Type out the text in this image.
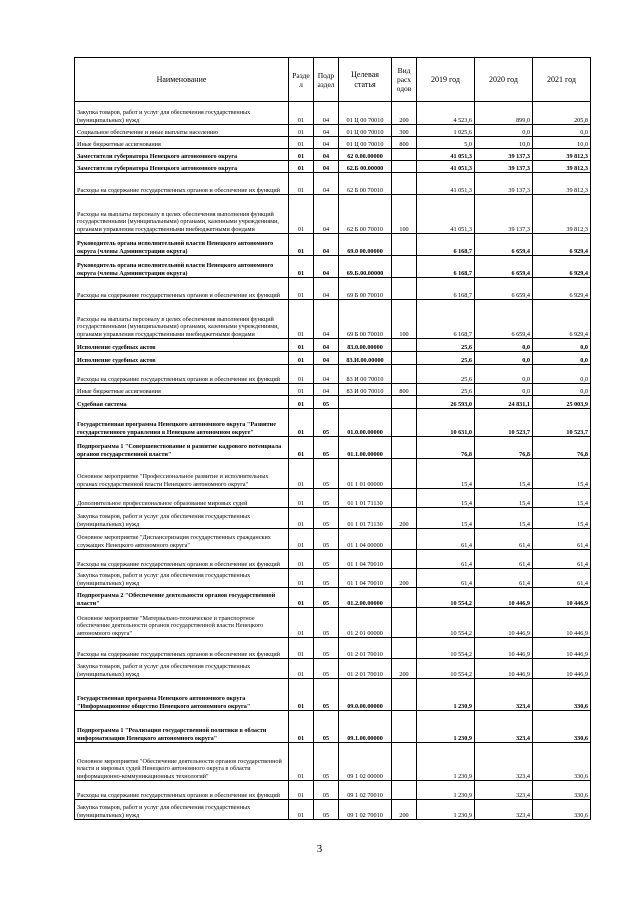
Наименование	Разде л	Подр аздел	Целевая статья	Вид расх одов	2019 год	2020 год	2021 год
Закупка товаров, работ и услуг для обеспечения государственных (муниципальных) нужд	01	04	01 Ц 00 70010	200	4 523,6	899,0	205,8
Социальное обеспечение и иные выплаты населению	01	04	01 Ц 00 70010	300	1 025,6	0,0	0,0
Иные бюджетные ассигнования	01	04	01 Ц 00 70010	800	5,0	10,0	10,0
Заместители губернатора Ненецкого автономного округа	01	04	62 0.00.00000		41 051,3	39 137,3	39 812,3
Заместители губернатора Ненецкого автономного округа	01	04	62.Б 00.00000		41 051,3	39 137,3	39 812,3
Расходы на содержание государственных органов и обеспечение их функций	01	04	62 Б 00 70010		41 051,3	39 137,3	39 812,3
Расходы на выплаты персоналу в целях обеспечения выполнения функций государственными (муниципальными) органами, казенными учреждениями, органами управления государственными внебюджетными фондами	01	04	62 Б 00 70010	100	41 051,3	39 137,3	39 812,3
Руководитель органа исполнительной власти Ненецкого автономного округа (члены Администрации округа)	01	04	69.0 00.00000		6 168,7	6 659,4	6 929,4
Руководитель органа исполнительной власти Ненецкого автономного округа (члены Администрации округа)	01	04	69.Б.00.00000		6 168,7	6 659,4	6 929,4
Расходы на содержание государственных органов и обеспечение их функций	01	04	69 Б 00 70010		6 168,7	6 659,4	6 929,4
Расходы на выплаты персоналу в целях обеспечения выполнения функций государственными (муниципальными) органами, казенными учреждениями, органами управления государственными внебюджетными фондами	01	04	69 Б 00 70010	100	6 168,7	6 659,4	6 929,4
Исполнение судебных актов	01	04	83.0.00.00000		25,6	0,0	0,0
Исполнение судебных актов	01	04	83.И.00.00000		25,6	0,0	0,0
Расходы на содержание государственных органов и обеспечение их функций	01	04	83 И 00 70010		25,6	0,0	0,0
Иные бюджетные ассигнования	01	04	83 И 00 70010	800	25,6	0,0	0,0
Судебная система	01	05			26 593,0	24 831,1	25 003,9
Государственная программа Ненецкого автономного округа "Развитие государственного управления в Ненецком автономном округе"	01	05	01.0.00.00000		10 631,0	10 523,7	10 523,7
Подпрограмма 1 "Совершенствование и развитие кадрового потенциала органов государственной власти"	01	05	01.1.00.00000		76,8	76,8	76,8
Основное мероприятие "Профессиональное развитие и исполнительных органах государственной власти Ненецкого автономного округа"	01	05	01 1 01 00000		15,4	15,4	15,4
Дополнительное профессиональное образование мировых судей	01	05	01 1 01 71130		15,4	15,4	15,4
Закупка товаров, работ и услуг для обеспечения государственных (муниципальных) нужд	01	05	01 1 01 71130	200	15,4	15,4	15,4
Основное мероприятие "Диспансеризация государственных гражданских служащих Ненецкого автономного округа"	01	05	01 1 04 00000		61,4	61,4	61,4
Расходы на содержание государственных органов и обеспечение их функций	01	05	01 1 04 70010		61,4	61,4	61,4
Закупка товаров, работ и услуг для обеспечения государственных (муниципальных) нужд	01	05	01 1 04 70010	200	61,4	61,4	61,4
Подпрограмма 2 "Обеспечение деятельности органов государственной власти"	01	05	01.2.00.00000		10 554,2	10 446,9	10 446,9
Основное мероприятие "Материально-техническое и транспортное обеспечение деятельности органов государственной власти Ненецкого автономного округа"	01	05	01 2 01 00000		10 554,2	10 446,9	10 446,9
Расходы на содержание государственных органов и обеспечение их функций	01	05	01 2 01 70010		10 554,2	10 446,9	10 446,9
Закупка товаров, работ и услуг для обеспечения государственных (муниципальных) нужд	01	05	01 2 01 70010	200	10 554,2	10 446,9	10 446,9
Государственная программа Ненецкого автономного округа "Информационное общество Ненецкого автономного округа"	01	05	09.0.00.00000		1 230,9	323,4	330,6
Подпрограмма 1 "Реализация государственной политики в области информатизации Ненецкого автономного округа"	01	05	09.1.00.00000		1 230,9	323,4	330,6
Основное мероприятие "Обеспечение деятельности органов государственной власти и мировых судей Ненецкого автономного округа в области информационно-коммуникационных технологий"	01	05	09 1 02 00000		1 230,9	323,4	330,6
Расходы на содержание государственных органов и обеспечение их функций	01	05	09 1 02 70010		1 230,9	323,4	330,6
Закупка товаров, работ и услуг для обеспечения государственных (муниципальных) нужд	01	05	09 1 02 70010	200	1 230,9	323,4	330,6
3
